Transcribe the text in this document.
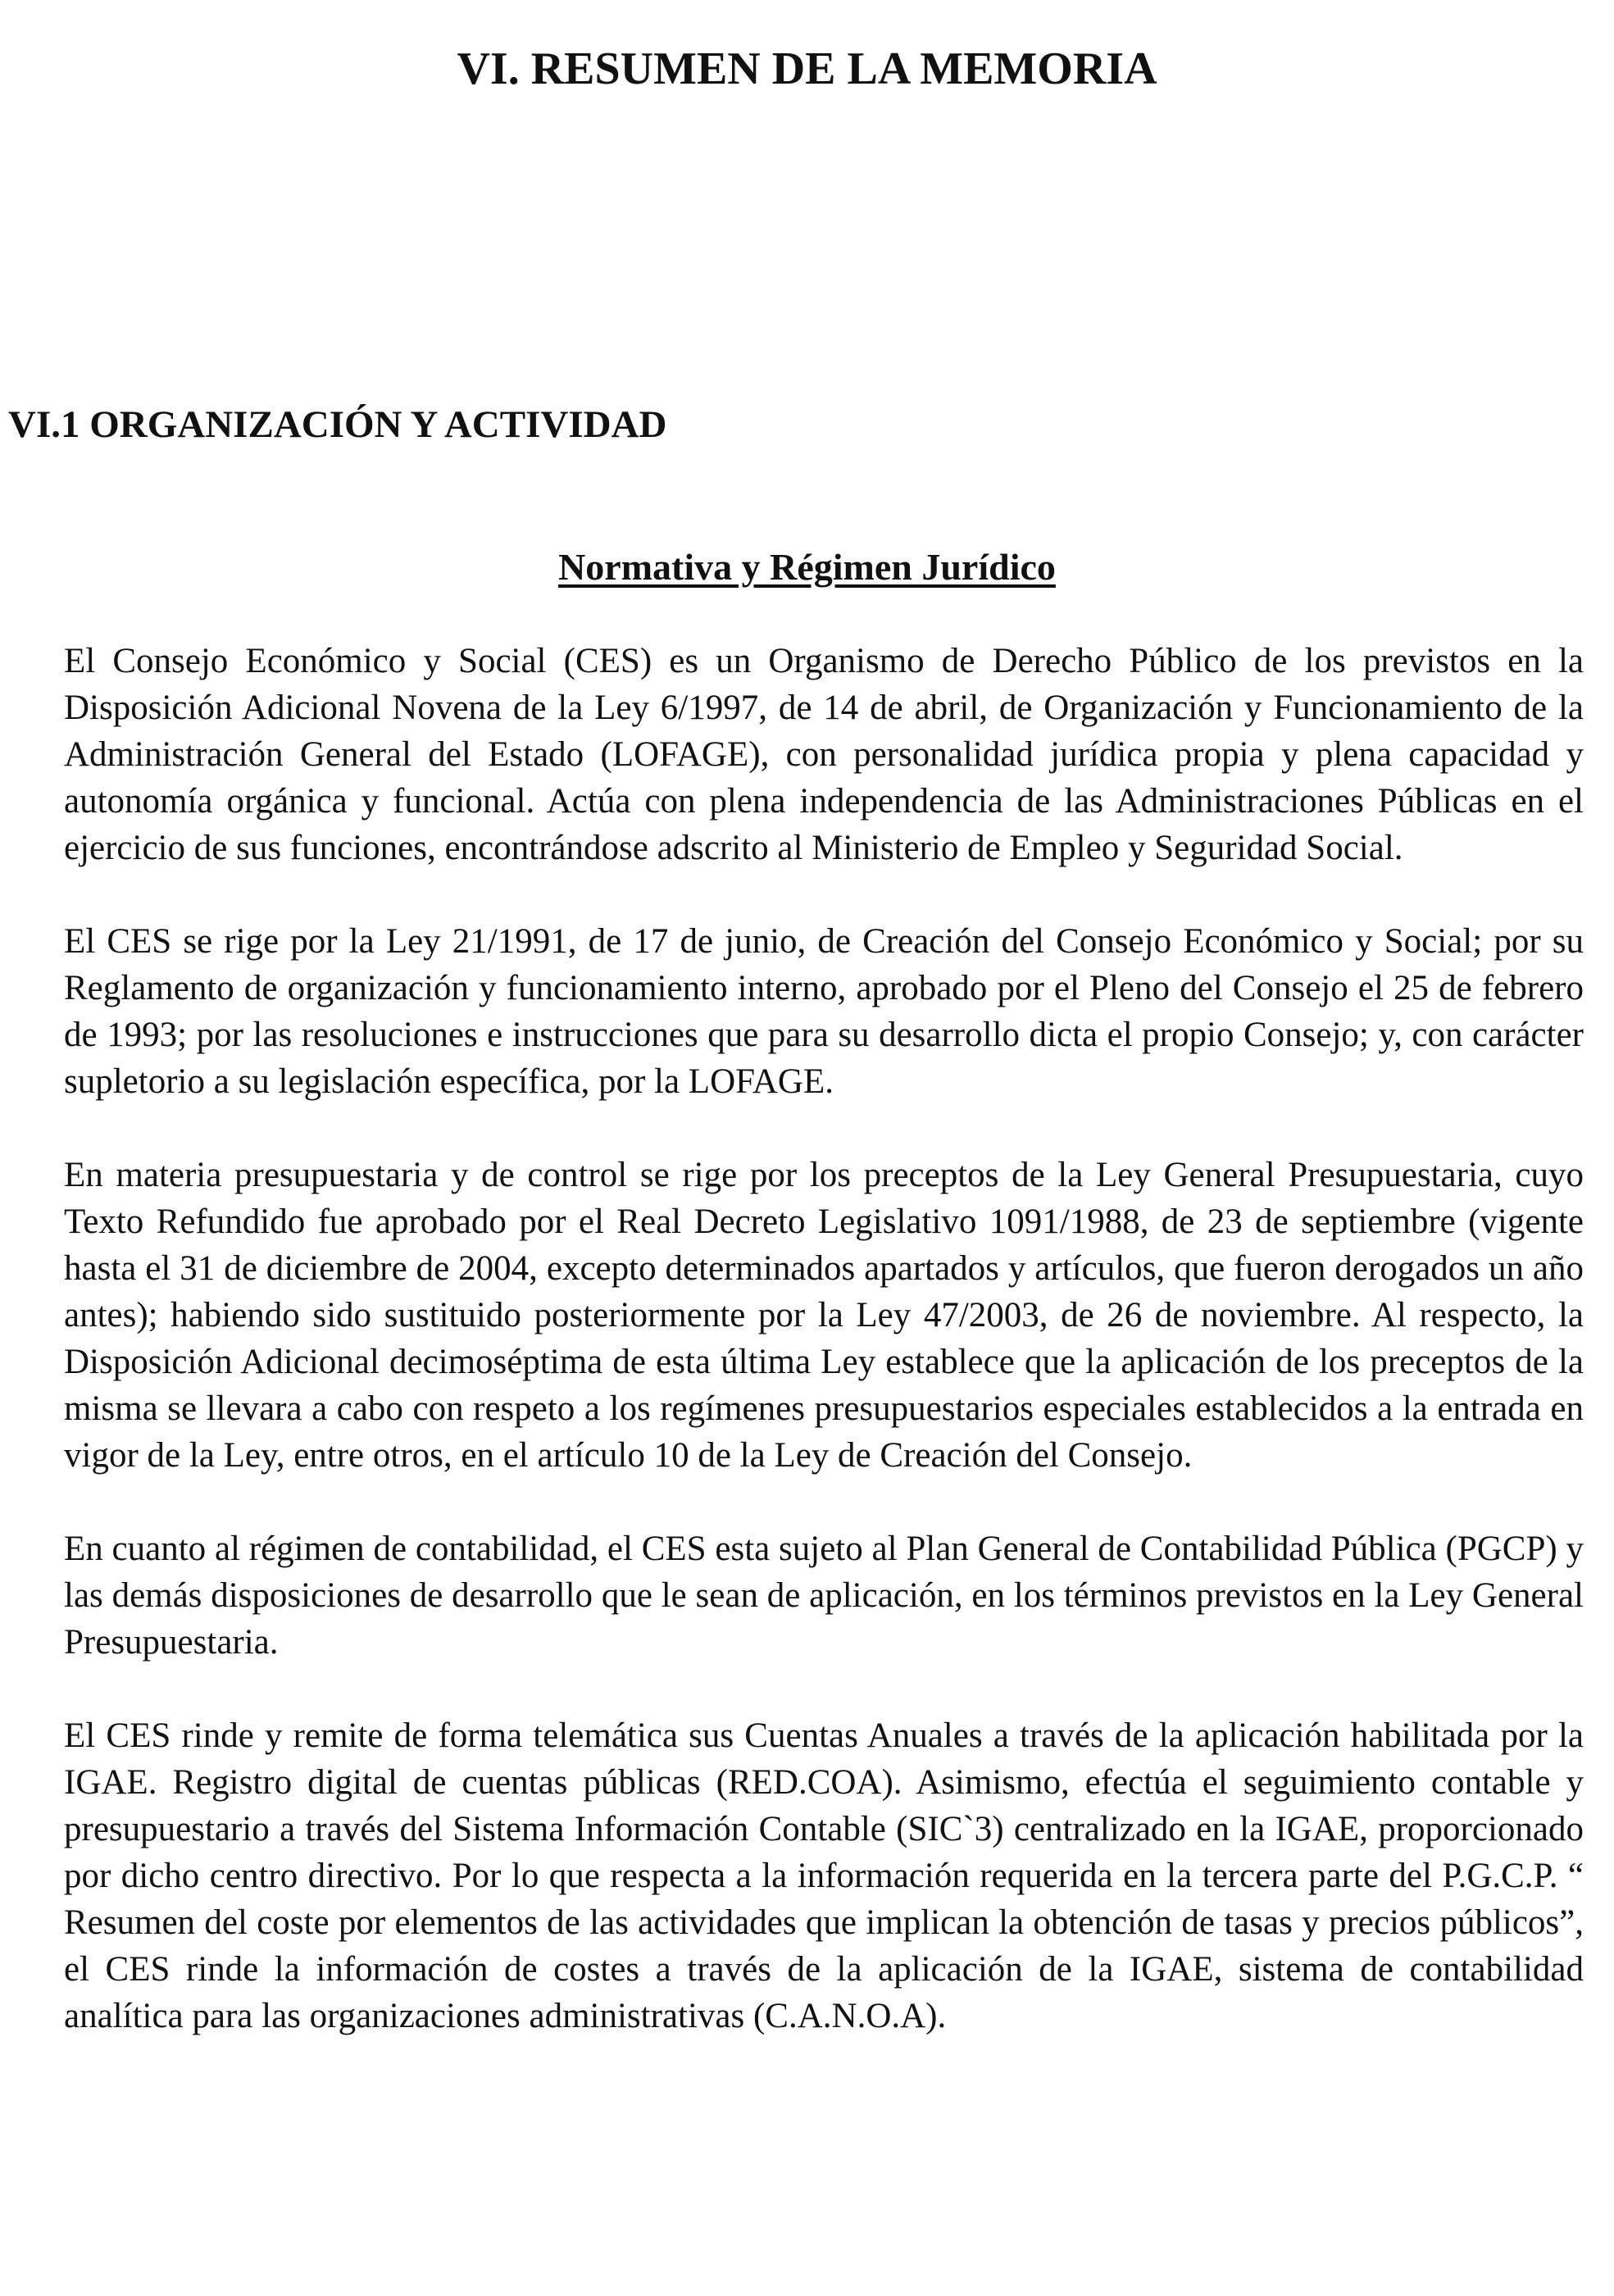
VI. RESUMEN DE LA MEMORIA
VI.1 ORGANIZACIÓN Y ACTIVIDAD
Normativa y Régimen Jurídico

El Consejo Económico y Social (CES) es un Organismo de Derecho Público de los previstos en la Disposición Adicional Novena de la Ley 6/1997, de 14 de abril, de Organización y Funcionamiento de la Administración General del Estado (LOFAGE), con personalidad jurídica propia y plena capacidad y autonomía orgánica y funcional. Actúa con plena independencia de las Administraciones Públicas en el ejercicio de sus funciones, encontrándose adscrito al Ministerio de Empleo y Seguridad Social.

El CES se rige por la Ley 21/1991, de 17 de junio, de Creación del Consejo Económico y Social; por su Reglamento de organización y funcionamiento interno, aprobado por el Pleno del Consejo el 25 de febrero de 1993; por las resoluciones e instrucciones que para su desarrollo dicta el propio Consejo; y, con carácter supletorio a su legislación específica, por la LOFAGE.

En materia presupuestaria y de control se rige por los preceptos de la Ley General Presupuestaria, cuyo Texto Refundido fue aprobado por el Real Decreto Legislativo 1091/1988, de 23 de septiembre (vigente hasta el 31 de diciembre de 2004, excepto determinados apartados y artículos, que fueron derogados un año antes); habiendo sido sustituido posteriormente por la Ley 47/2003, de 26 de noviembre. Al respecto, la Disposición Adicional decimoséptima de esta última Ley establece que la aplicación de los preceptos de la misma se llevara a cabo con respeto a los regímenes presupuestarios especiales establecidos a la entrada en vigor de la Ley, entre otros, en el artículo 10 de la Ley de Creación del Consejo.

En cuanto al régimen de contabilidad, el CES esta sujeto al Plan General de Contabilidad Pública (PGCP) y las demás disposiciones de desarrollo que le sean de aplicación, en los términos previstos en la Ley General Presupuestaria.

El CES rinde y remite de forma telemática sus Cuentas Anuales a través de la aplicación habilitada por la IGAE. Registro digital de cuentas públicas (RED.COA). Asimismo, efectúa el seguimiento contable y presupuestario a través del Sistema Información Contable (SIC`3) centralizado en la IGAE, proporcionado por dicho centro directivo. Por lo que respecta a la información requerida en la tercera parte del P.G.C.P. “ Resumen del coste por elementos de las actividades que implican la obtención de tasas y precios públicos”, el CES rinde la información de costes a través de la aplicación de la IGAE, sistema de contabilidad analítica para las organizaciones administrativas (C.A.N.O.A).
